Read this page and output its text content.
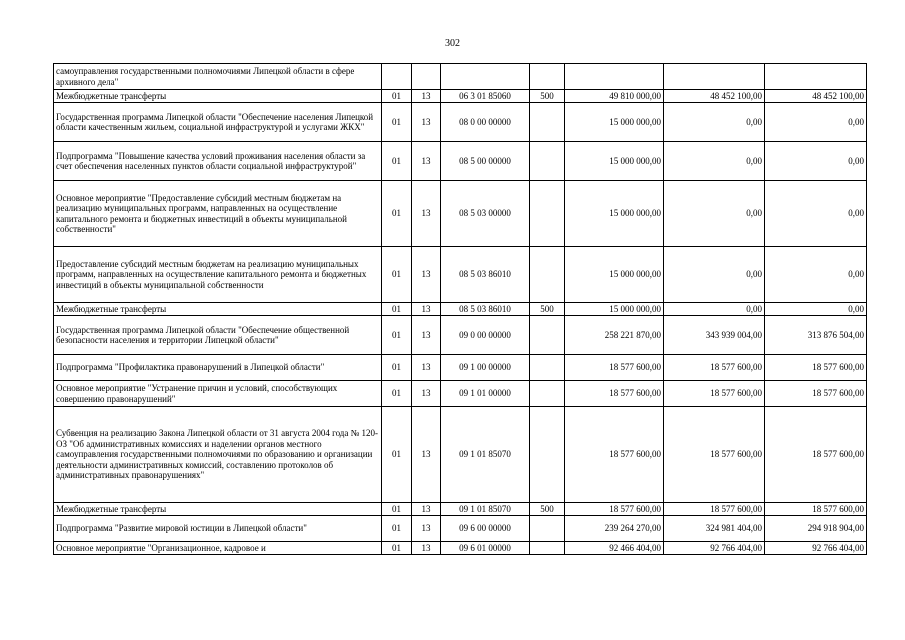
302
самоуправления государственными полномочиями Липецкой области в сфере архивного дела"							
Межбюджетные трансферты	01	13	06 3 01 85060	500	49 810 000,00	48 452 100,00	48 452 100,00
Государственная программа Липецкой области "Обеспечение населения Липецкой области качественным жильем, социальной инфраструктурой и услугами ЖКХ"	01	13	08 0 00 00000		15 000 000,00	0,00	0,00
Подпрограмма "Повышение качества условий проживания населения области за счет обеспечения населенных пунктов области социальной инфраструктурой"	01	13	08 5 00 00000		15 000 000,00	0,00	0,00
Основное мероприятие "Предоставление субсидий местным бюджетам на реализацию муниципальных программ, направленных на осуществление капитального ремонта и бюджетных инвестиций в объекты муниципальной собственности"	01	13	08 5 03 00000		15 000 000,00	0,00	0,00
Предоставление субсидий местным бюджетам на реализацию муниципальных программ, направленных на осуществление капитального ремонта и бюджетных инвестиций в объекты муниципальной собственности	01	13	08 5 03 86010		15 000 000,00	0,00	0,00
Межбюджетные трансферты	01	13	08 5 03 86010	500	15 000 000,00	0,00	0,00
Государственная программа Липецкой области "Обеспечение общественной безопасности населения и территории Липецкой области"	01	13	09 0 00 00000		258 221 870,00	343 939 004,00	313 876 504,00
Подпрограмма "Профилактика правонарушений в Липецкой области"	01	13	09 1 00 00000		18 577 600,00	18 577 600,00	18 577 600,00
Основное мероприятие "Устранение причин и условий, способствующих совершению правонарушений"	01	13	09 1 01 00000		18 577 600,00	18 577 600,00	18 577 600,00
Субвенция на реализацию Закона Липецкой области от 31 августа 2004 года № 120-ОЗ "Об административных комиссиях и наделении органов местного самоуправления государственными полномочиями по образованию и организации деятельности административных комиссий, составлению протоколов об административных правонарушениях"	01	13	09 1 01 85070		18 577 600,00	18 577 600,00	18 577 600,00
Межбюджетные трансферты	01	13	09 1 01 85070	500	18 577 600,00	18 577 600,00	18 577 600,00
Подпрограмма "Развитие мировой юстиции в Липецкой области"	01	13	09 6 00 00000		239 264 270,00	324 981 404,00	294 918 904,00
Основное мероприятие "Организационное, кадровое и	01	13	09 6 01 00000		92 466 404,00	92 766 404,00	92 766 404,00
